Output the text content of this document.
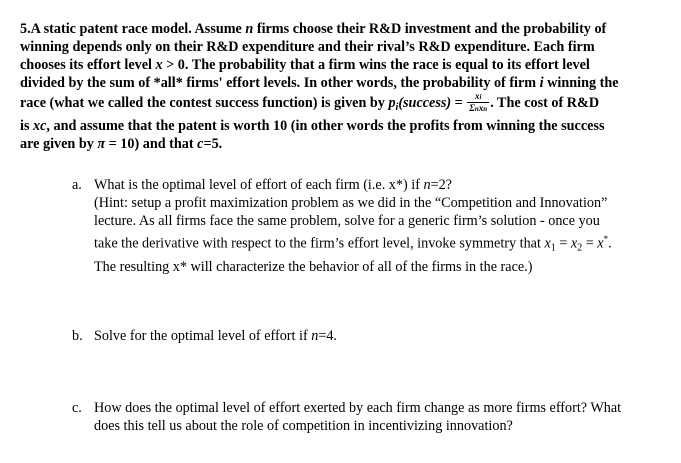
5.A static patent race model. Assume n firms choose their R&D investment and the probability of
winning depends only on their R&D expenditure and their rival’s R&D expenditure. Each firm
chooses its effort level x > 0. The probability that a firm wins the race is equal to its effort level
divided by the sum of *all* firms' effort levels. In other words, the probability of firm i winning the
race (what we called the contest success function) is given by $p_i(success) = \frac{xi}{\text{Σnxn}}$ . The cost of R&D
is xc, and assume that the patent is worth 10 (in other words the profits from winning the success
are given by π = 10) and that c=5.
a. What is the optimal level of effort of each firm (i.e. x*) if n=2?
(Hint: setup a profit maximization problem as we did in the “Competition and Innovation”
lecture. As all firms face the same problem, solve for a generic firm’s solution - once you
take the derivative with respect to the firm’s effort level, invoke symmetry that $x_1 = x_2 = x^*$.
The resulting x* will characterize the behavior of all of the firms in the race.)
b. Solve for the optimal level of effort if n=4.
c. How does the optimal level of effort exerted by each firm change as more firms effort? What
does this tell us about the role of competition in incentivizing innovation?
